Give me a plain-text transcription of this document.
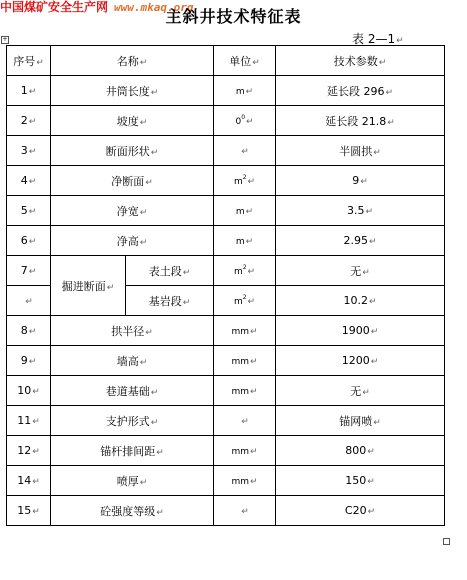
中国煤矿安全生产网 www.mkaq.org
主斜井技术特征表
+	表 2—1↵
序号↵	名称↵		单位↵	技术参数↵
1↵	井筒长度↵		m↵	延长段 296↵
2↵	坡度↵		$0^0↵$	延长段 21.8↵
3↵	断面形状↵		↵	半圆拱↵
4↵	净断面↵		$m^2↵$	9↵
5↵	净宽↵		m↵	3.5↵
6↵	净高↵		m↵	2.95↵
7↵	掘进断面↵	表土段↵	$m^2↵$	无↵
↵		基岩段↵	$m^2↵$	10.2↵
8↵	拱半径↵		mm↵	1900↵
9↵	墙高↵		mm↵	1200↵
10↵	巷道基础↵		mm↵	无↵
11↵	支护形式↵		↵	锚网喷↵
12↵	锚杆排间距↵		mm↵	800↵
14↵	喷厚↵		mm↵	150↵
15↵	砼强度等级↵		↵	C20↵
